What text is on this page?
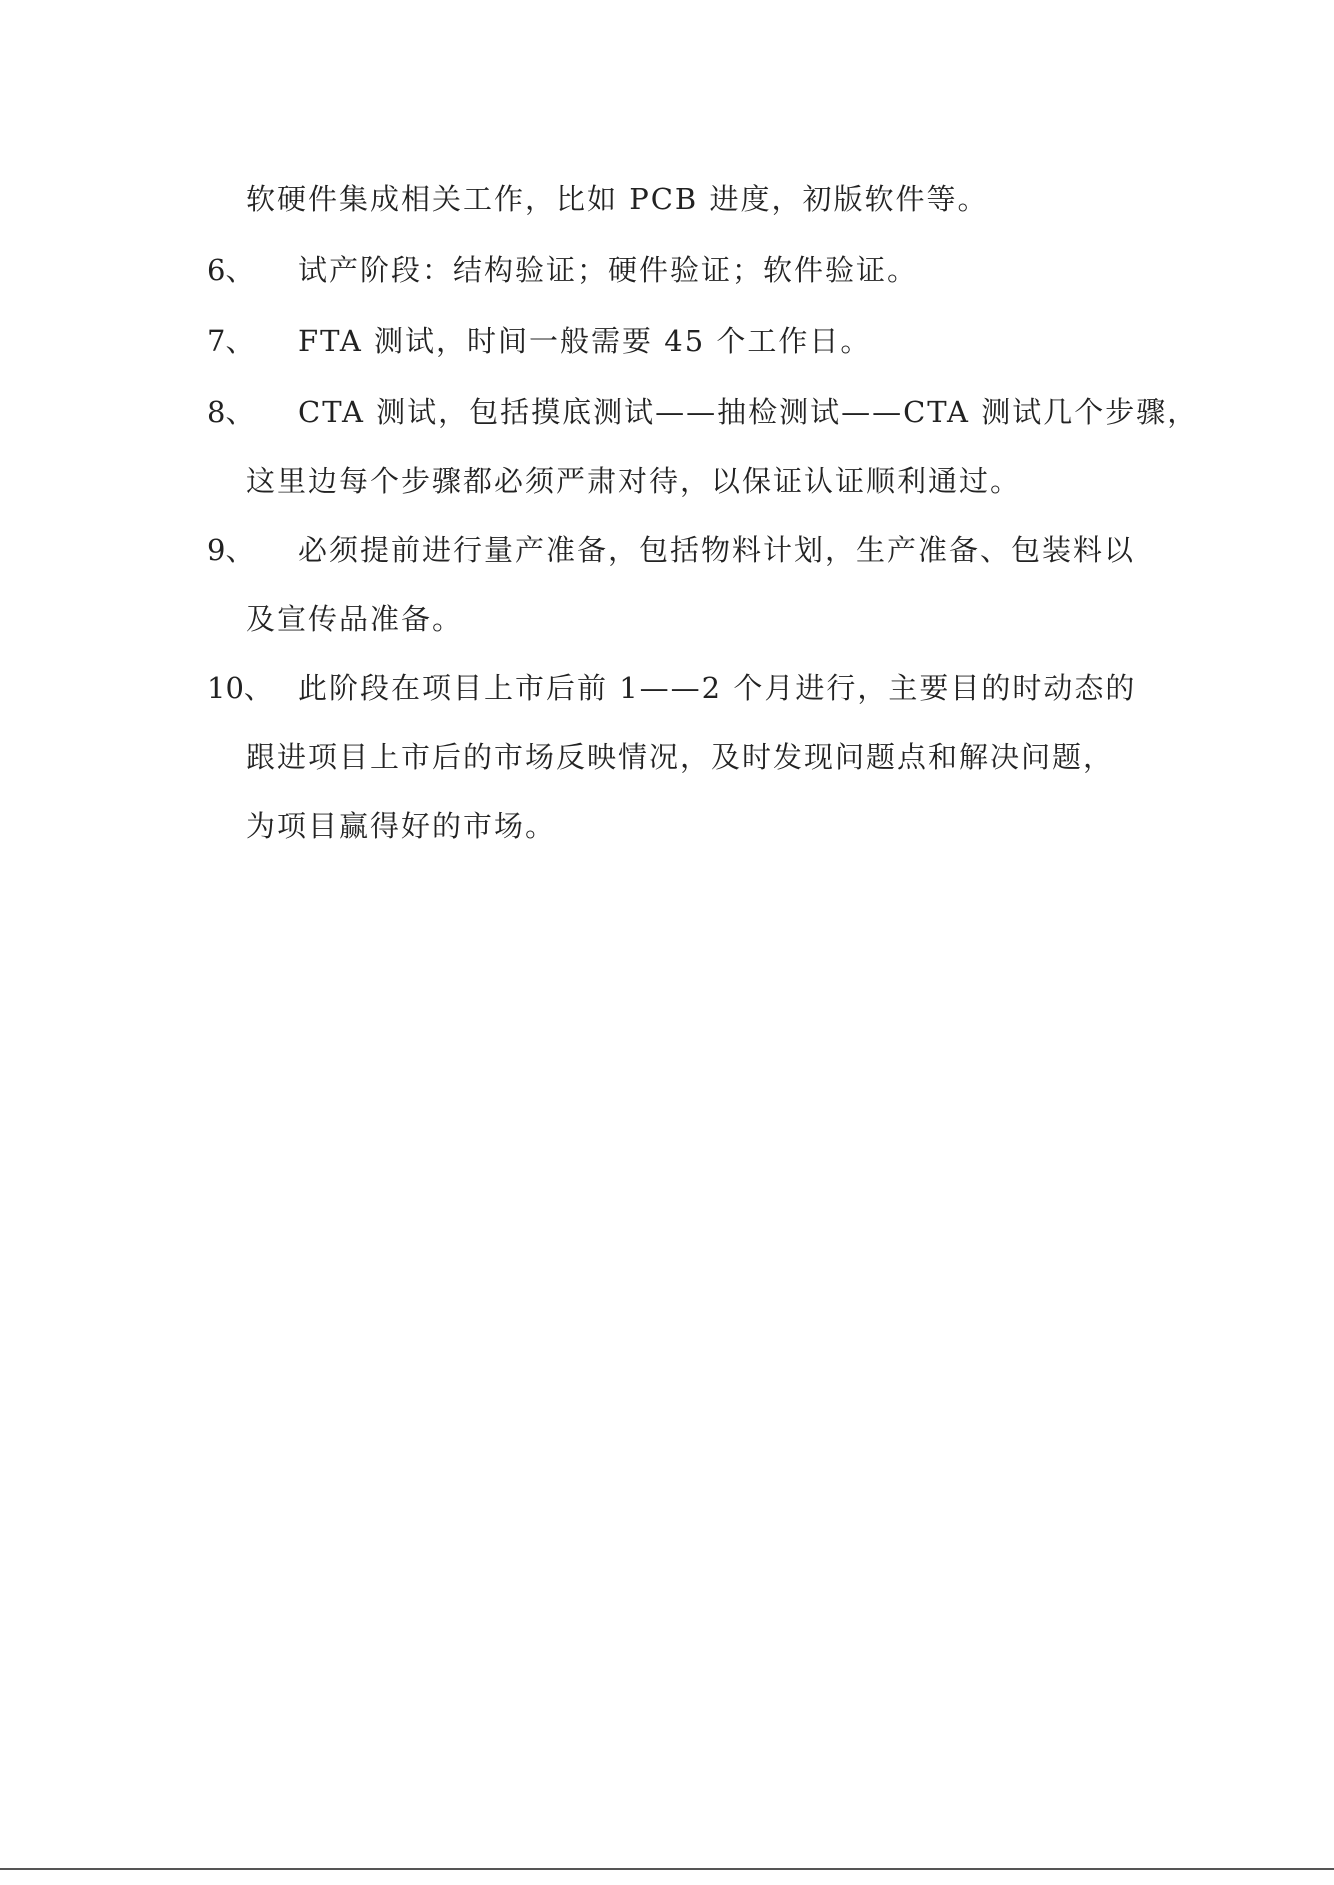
软硬件集成相关工作，比如 PCB 进度，初版软件等。
6、 试产阶段：结构验证；硬件验证；软件验证。
7、 FTA 测试，时间一般需要 45 个工作日。
8、 CTA 测试，包括摸底测试——抽检测试——CTA 测试几个步骤，
这里边每个步骤都必须严肃对待，以保证认证顺利通过。
9、 必须提前进行量产准备，包括物料计划，生产准备、包装料以
及宣传品准备。
10、 此阶段在项目上市后前 1——2 个月进行，主要目的时动态的
跟进项目上市后的市场反映情况，及时发现问题点和解决问题，
为项目赢得好的市场。
